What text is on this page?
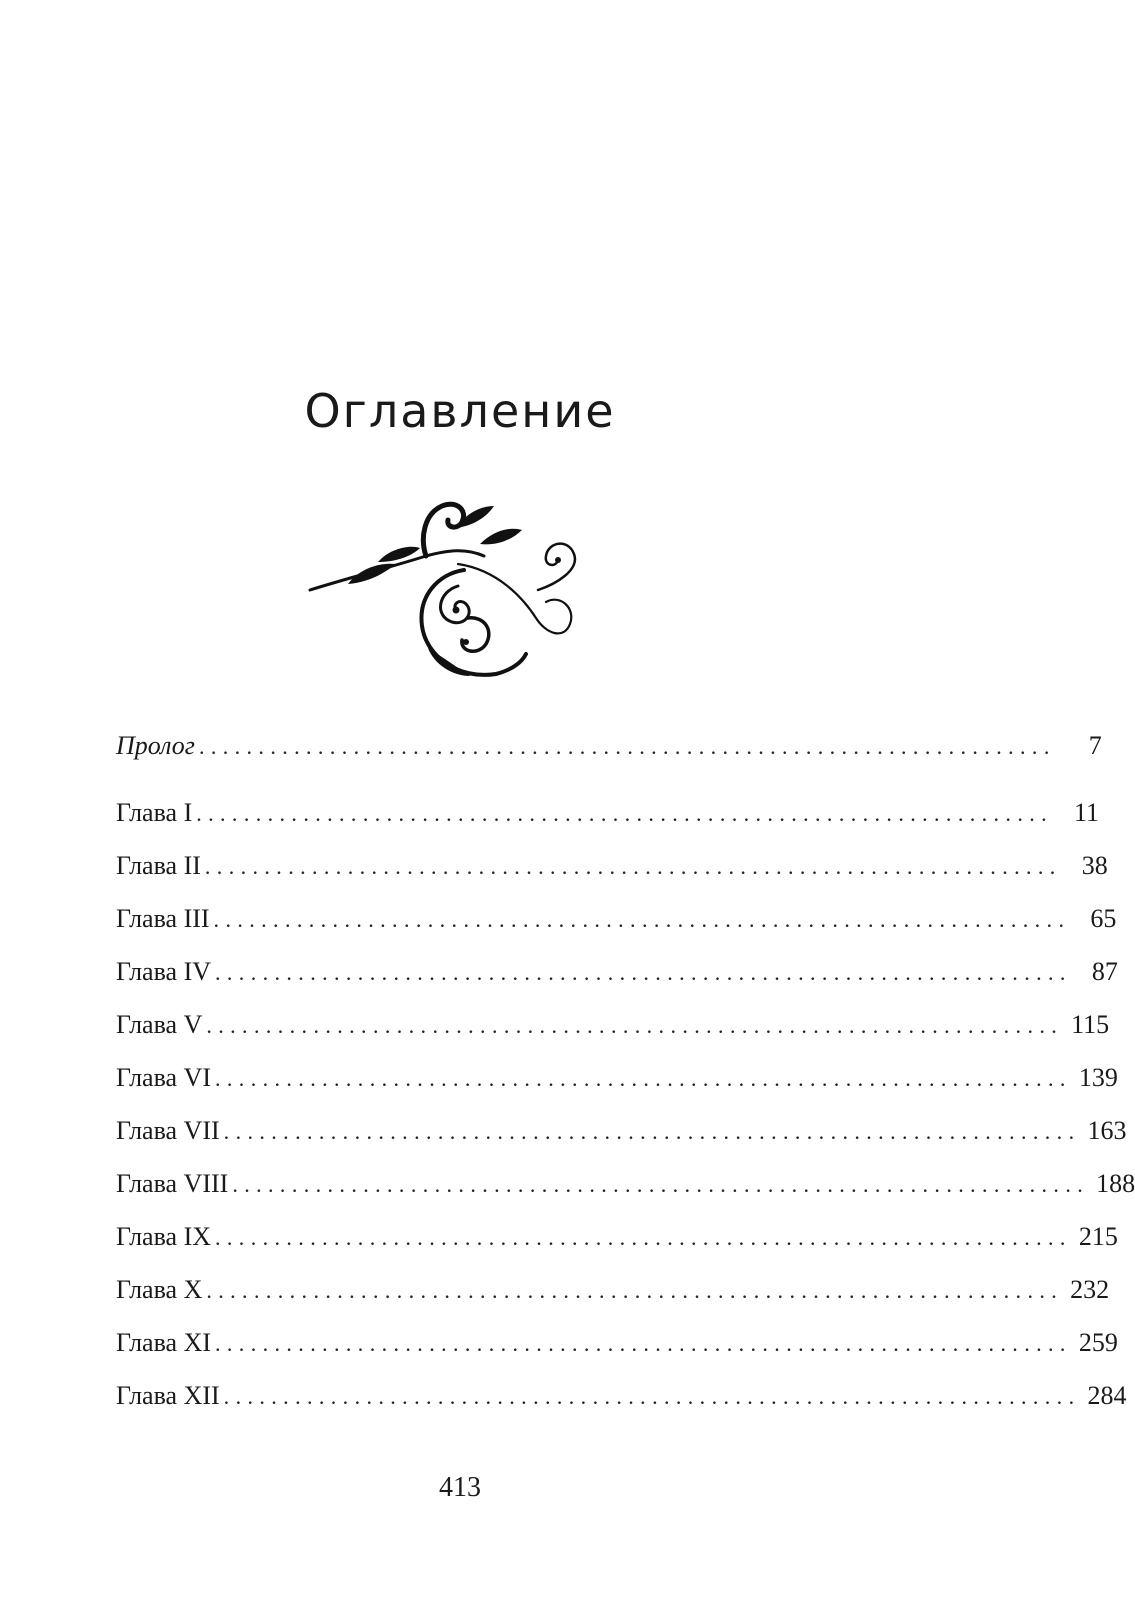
Оглавление
Пролог ........................................................................	7
Глава I ........................................................................ 11
Глава II ........................................................................ 38
Глава III ........................................................................ 65
Глава IV ........................................................................ 87
Глава V ........................................................................ 115
Глава VI ........................................................................ 139
Глава VII ........................................................................ 163
Глава VIII ........................................................................ 188
Глава IX ........................................................................ 215
Глава X ........................................................................ 232
Глава XI ........................................................................ 259
Глава XII ........................................................................ 284
413
